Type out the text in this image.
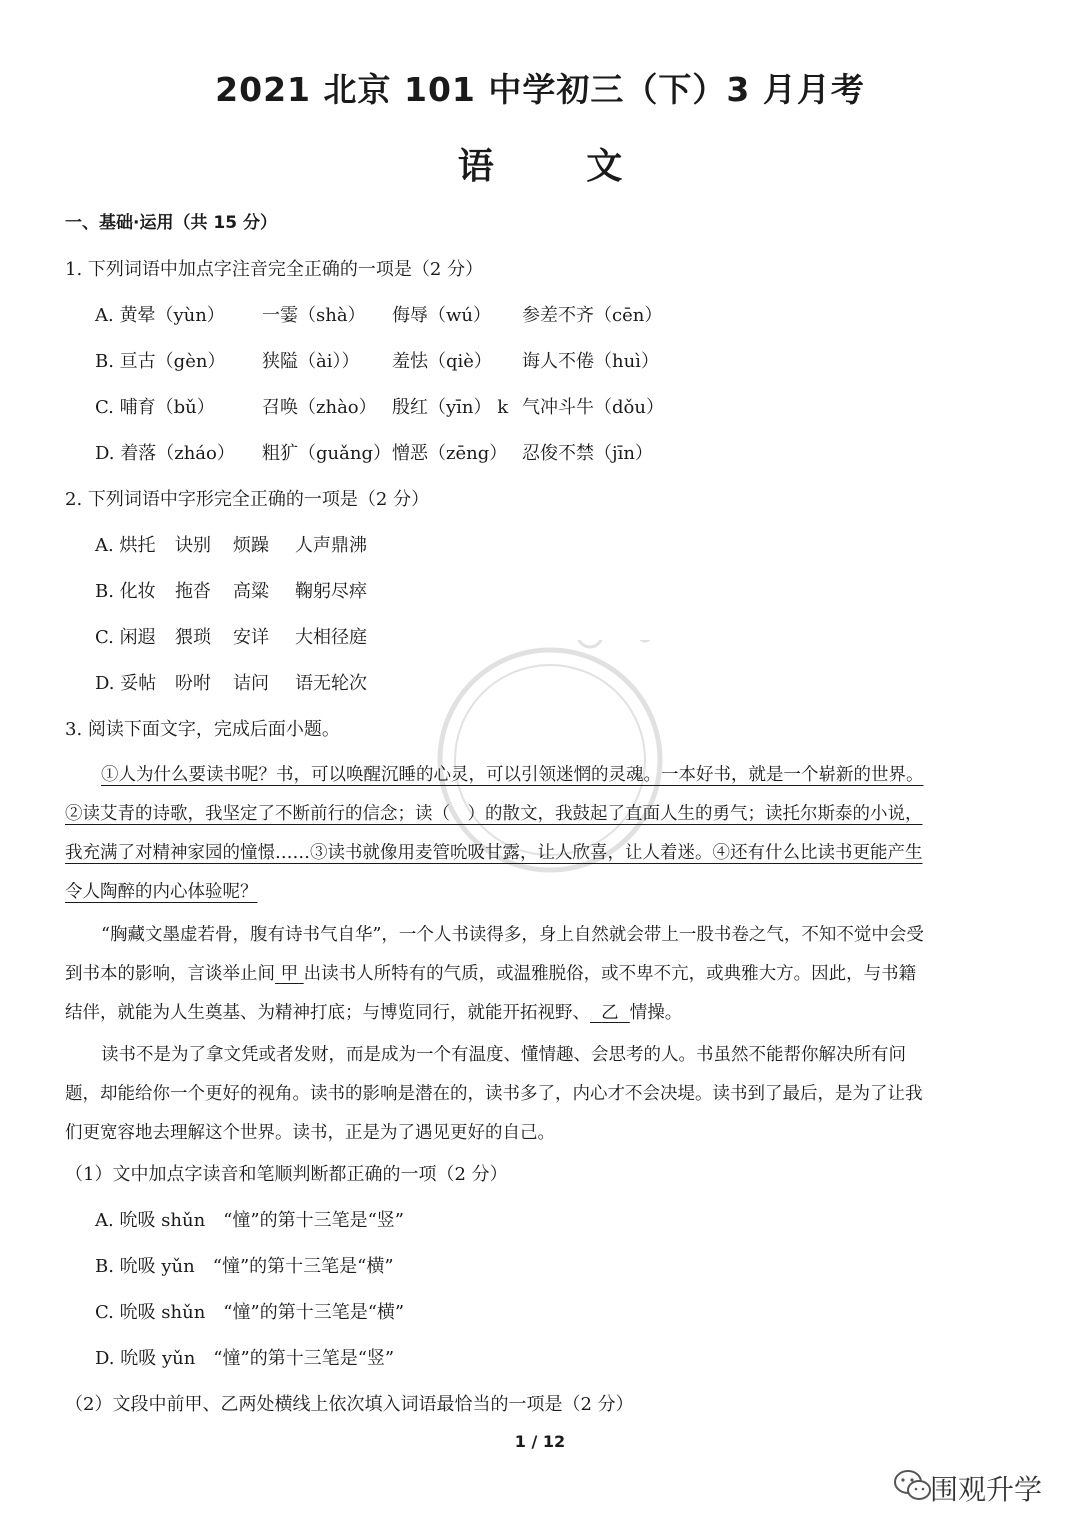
2021 北京 101 中学初三（下）3 月月考
语 文
一、基础·运用（共 15 分）
1. 下列词语中加点字注音完全正确的一项是（2 分）
A. 黄晕（yùn） 一霎（shà） 侮辱（wú） 参差不齐（cēn）
B. 亘古（gèn） 狭隘（ài）） 羞怯（qiè） 诲人不倦（huì）
C. 哺育（bǔ）	召唤（zhào） 殷红（yīn） k 气冲斗牛（dǒu）
D. 着落（zháo） 粗犷（guǎng） 憎恶（zēng） 忍俊不禁（jīn）
2. 下列词语中字形完全正确的一项是（2 分）
A. 烘托 诀别 烦躁 人声鼎沸
B. 化妆 拖沓 高粱 鞠躬尽瘁
C. 闲遐 猥琐 安详 大相径庭
D. 妥帖 吩咐 诘问 语无轮次
3. 阅读下面文字，完成后面小题。
①人为什么要读书呢？书，可以唤醒沉睡的心灵，可以引领迷惘的灵魂。一本好书，就是一个崭新的世界。
②读艾青的诗歌，我坚定了不断前行的信念；读（　）的散文，我鼓起了直面人生的勇气；读托尔斯泰的小说，
我充满了对精神家园的憧憬……③读书就像用麦管吮吸甘露，让人欣喜，让人着迷。④还有什么比读书更能产生
令人陶醉的内心体验呢？
“胸藏文墨虚若骨，腹有诗书气自华”，一个人书读得多，身上自然就会带上一股书卷之气，不知不觉中会受
到书本的影响，言谈举止间 甲 出读书人所特有的气质，或温雅脱俗，或不卑不亢，或典雅大方。因此，与书籍
结伴，就能为人生奠基、为精神打底；与博览同行，就能开拓视野、 乙 情操。
读书不是为了拿文凭或者发财，而是成为一个有温度、懂情趣、会思考的人。书虽然不能帮你解决所有问
题，却能给你一个更好的视角。读书的影响是潜在的，读书多了，内心才不会决堤。读书到了最后，是为了让我
们更宽容地去理解这个世界。读书，正是为了遇见更好的自己。
（1）文中加点字读音和笔顺判断都正确的一项（2 分）
A. 吮吸 shǔn　“憧”的第十三笔是“竖”
B. 吮吸 yǔn　“憧”的第十三笔是“横”
C. 吮吸 shǔn　“憧”的第十三笔是“横”
D. 吮吸 yǔn　“憧”的第十三笔是“竖”
（2）文段中前甲、乙两处横线上依次填入词语最恰当的一项是（2 分）
1 / 12
围观升学
